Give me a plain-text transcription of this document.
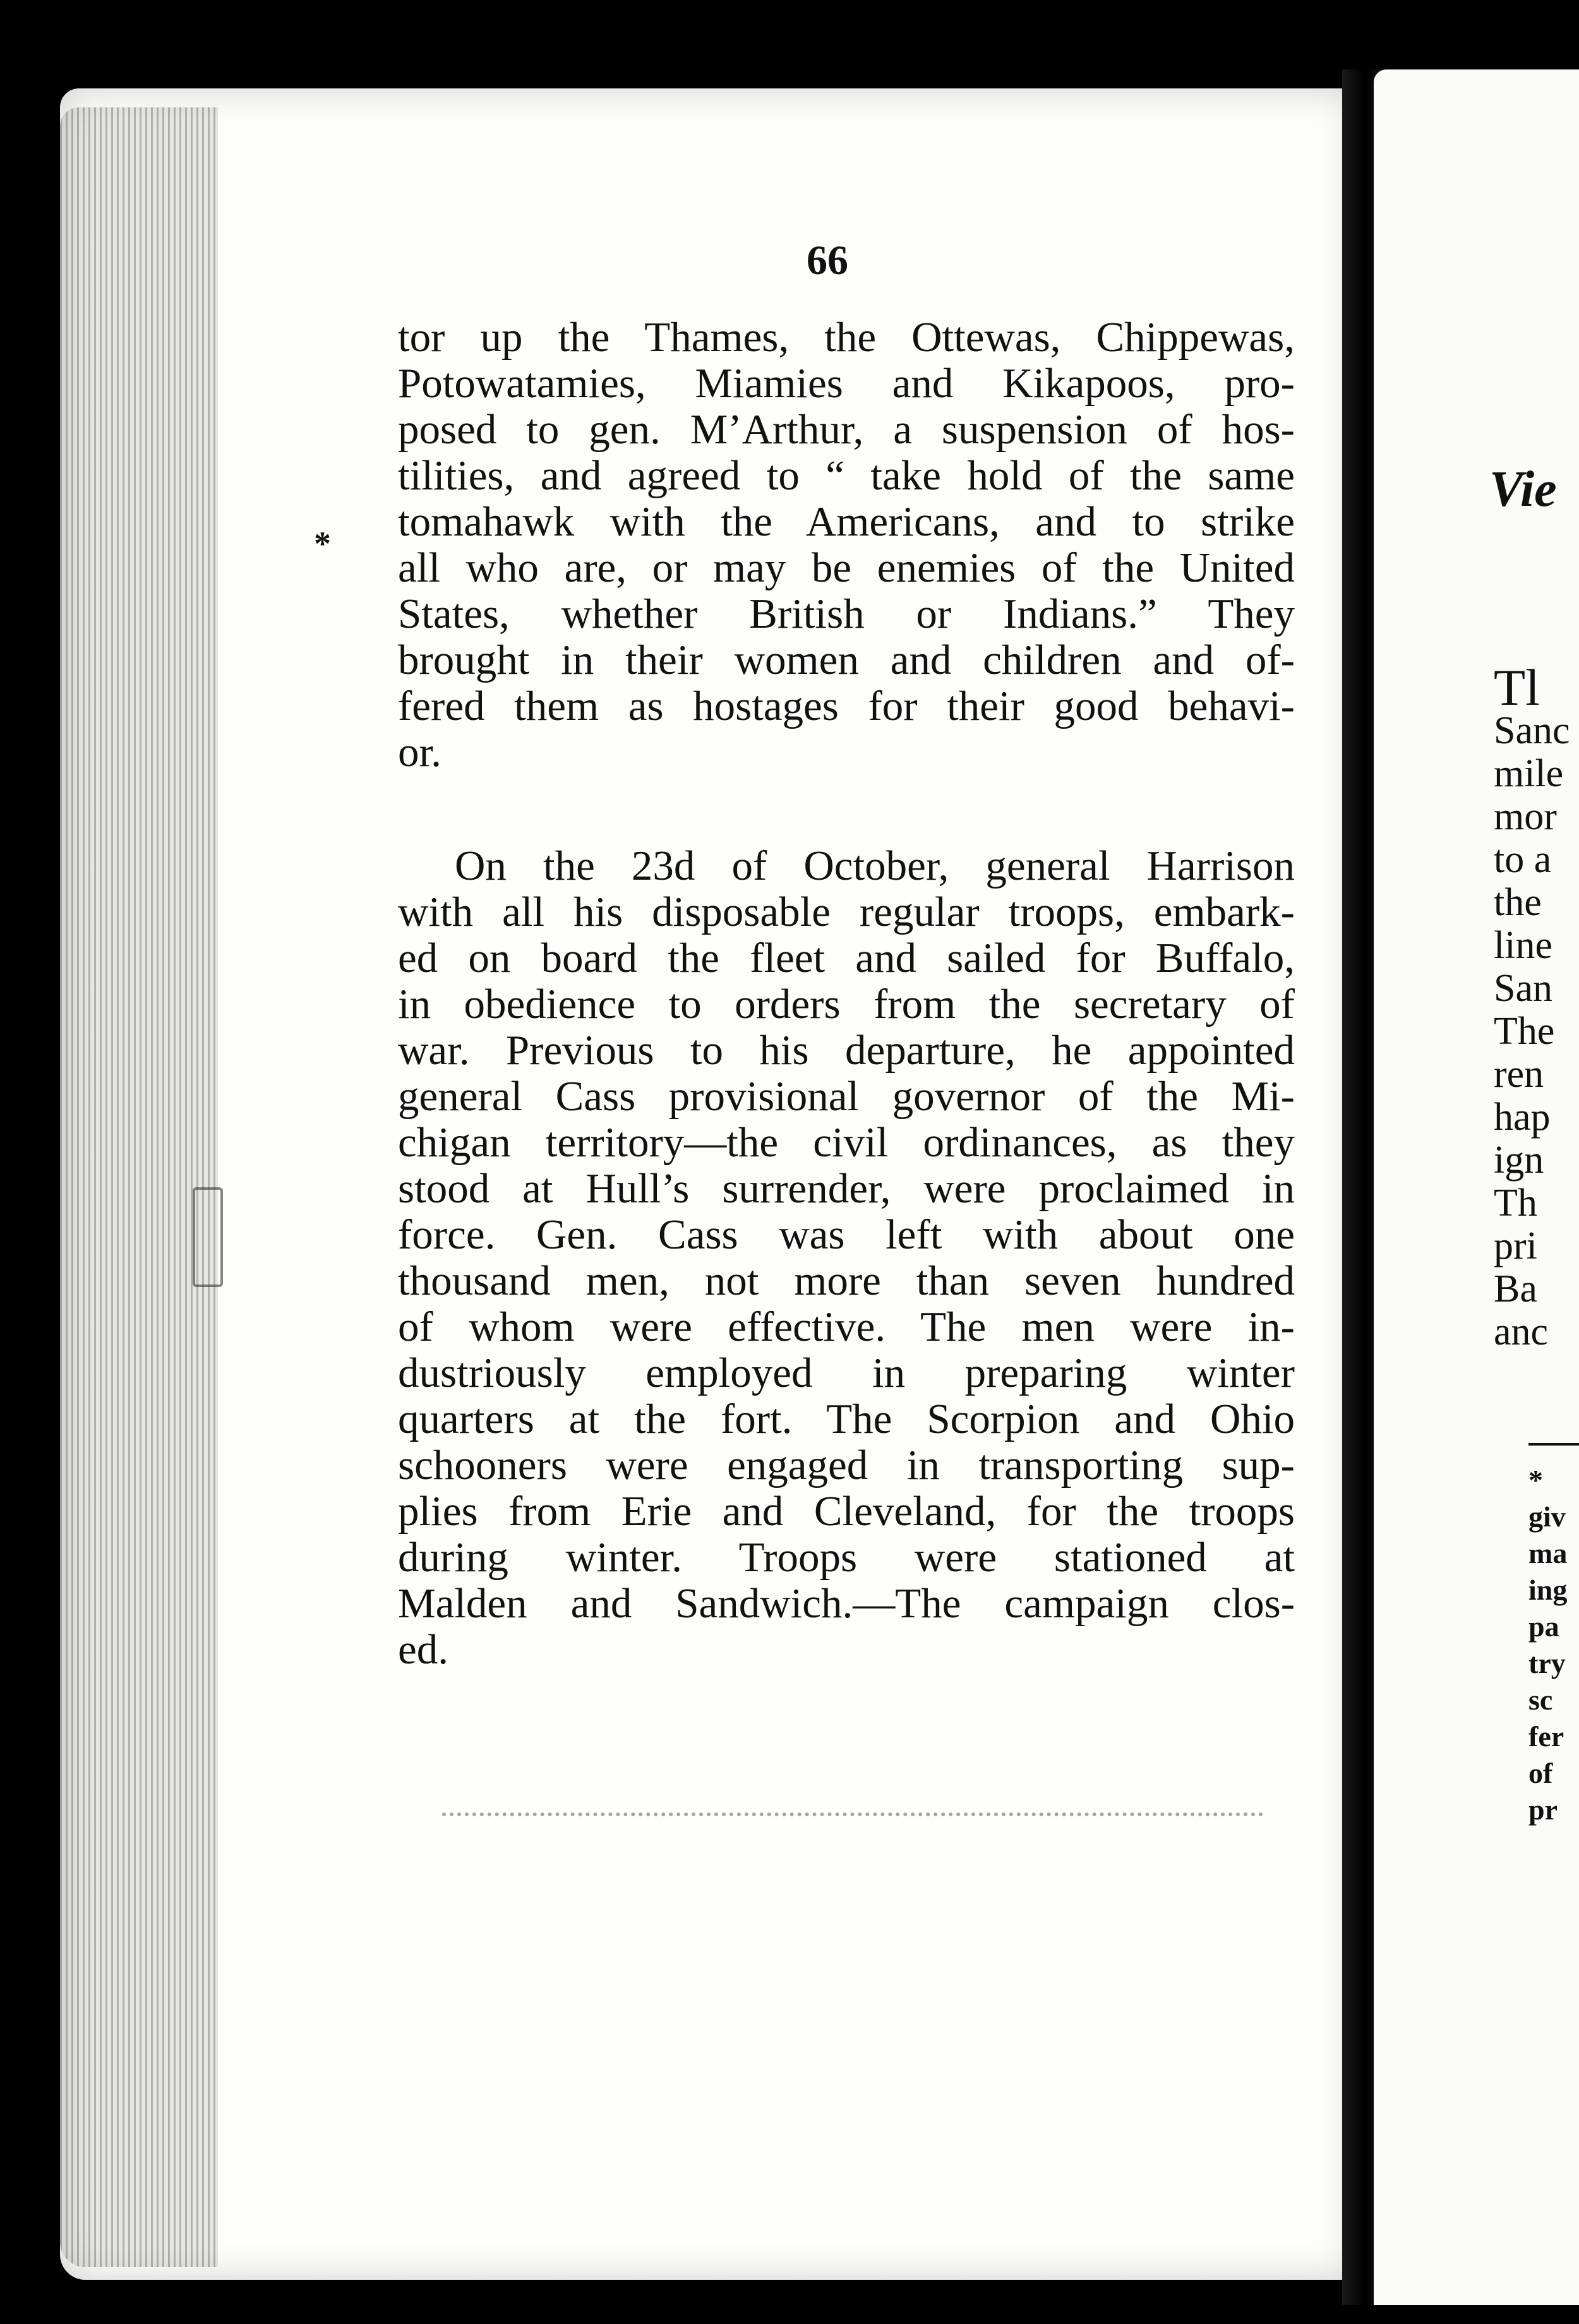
66
*
tor up the Thames, the Ottewas, Chippewas,
Potowatamies, Miamies and Kikapoos, pro-
posed to gen. M’Arthur, a suspension of hos-
tilities, and agreed to “ take hold of the same
tomahawk with the Americans, and to strike
all who are, or may be enemies of the United
States, whether British or Indians.” They
brought in their women and children and of-
fered them as hostages for their good behavi-
or.
On the 23d of October, general Harrison
with all his disposable regular troops, embark-
ed on board the fleet and sailed for Buffalo,
in obedience to orders from the secretary of
war. Previous to his departure, he appointed
general Cass provisional governor of the Mi-
chigan territory—the civil ordinances, as they
stood at Hull’s surrender, were proclaimed in
force. Gen. Cass was left with about one
thousand men, not more than seven hundred
of whom were effective. The men were in-
dustriously employed in preparing winter
quarters at the fort. The Scorpion and Ohio
schooners were engaged in transporting sup-
plies from Erie and Cleveland, for the troops
during winter. Troops were stationed at
Malden and Sandwich.—The campaign clos-
ed.
Vie
Tl
Sanc
mile
mor
to a
the
line
San
The
ren
hap
ign
Th
pri
Ba
anc
*
giv
ma
ing
pa
try
sc
fer
of
pr
